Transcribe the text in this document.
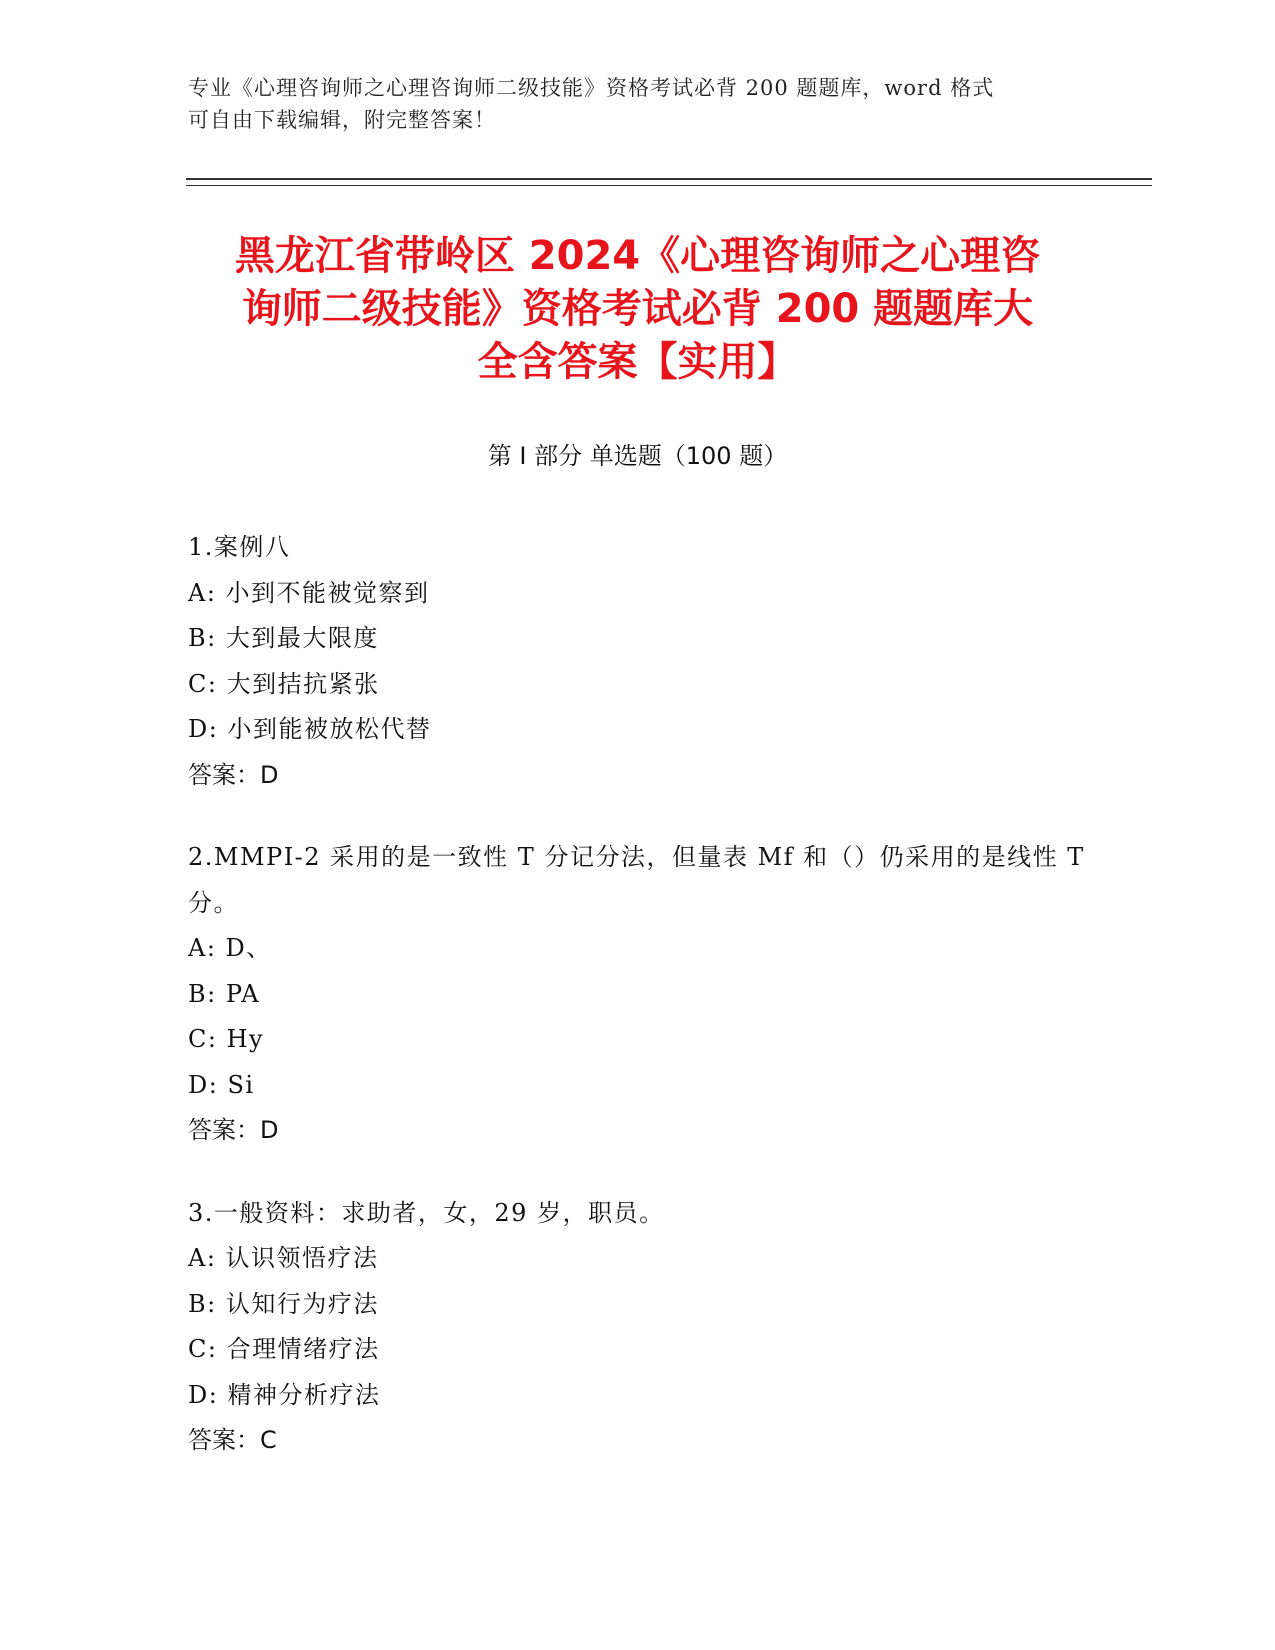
专业《心理咨询师之心理咨询师二级技能》资格考试必背 200 题题库，word 格式
可自由下载编辑，附完整答案！
黑龙江省带岭区 2024《心理咨询师之心理咨
询师二级技能》资格考试必背 200 题题库大
全含答案【实用】
第 I 部分 单选题（100 题）
1.案例八
A: 小到不能被觉察到
B: 大到最大限度
C: 大到拮抗紧张
D: 小到能被放松代替
答案：D
2.MMPI-2 采用的是一致性 T 分记分法，但量表 Mf 和（）仍采用的是线性 T 分。
A: D、
B: PA
C: Hy
D: Si
答案：D
3.一般资料：求助者，女，29 岁，职员。
A: 认识领悟疗法
B: 认知行为疗法
C: 合理情绪疗法
D: 精神分析疗法
答案：C
